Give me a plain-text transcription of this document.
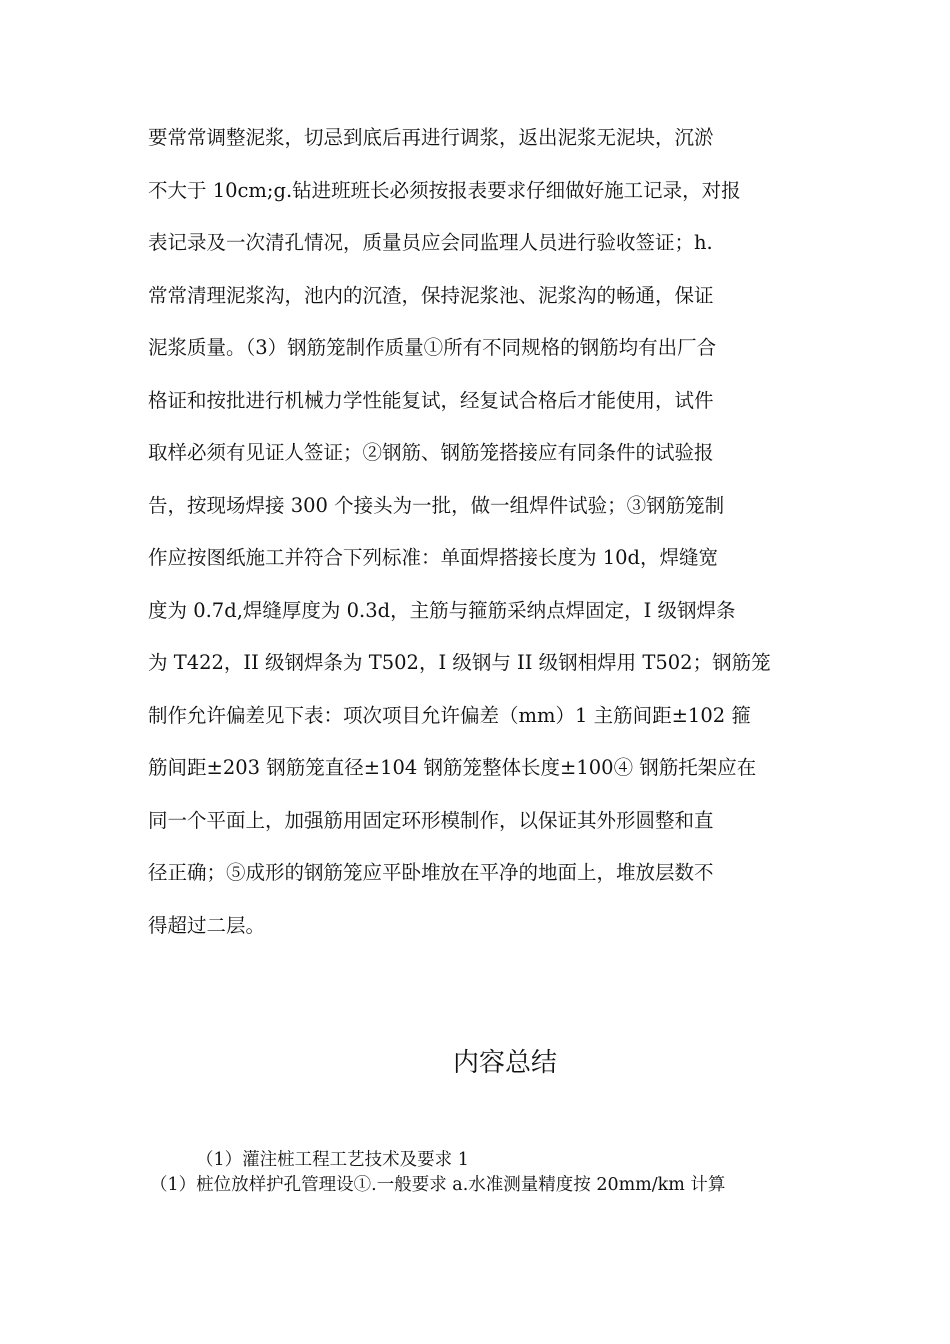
要常常调整泥浆，切忌到底后再进行调浆，返出泥浆无泥块，沉淤
不大于 10cm;g.钻进班班长必须按报表要求仔细做好施工记录，对报
表记录及一次清孔情况，质量员应会同监理人员进行验收签证；h.
常常清理泥浆沟，池内的沉渣，保持泥浆池、泥浆沟的畅通，保证
泥浆质量。（3）钢筋笼制作质量①所有不同规格的钢筋均有出厂合
格证和按批进行机械力学性能复试，经复试合格后才能使用，试件
取样必须有见证人签证；②钢筋、钢筋笼搭接应有同条件的试验报
告，按现场焊接 300 个接头为一批，做一组焊件试验；③钢筋笼制
作应按图纸施工并符合下列标准：单面焊搭接长度为 10d，焊缝宽
度为 0.7d,焊缝厚度为 0.3d，主筋与箍筋采纳点焊固定，I 级钢焊条
为 T422，II 级钢焊条为 T502，I 级钢与 II 级钢相焊用 T502；钢筋笼
制作允许偏差见下表：项次项目允许偏差（mm）1 主筋间距±102 箍
筋间距±203 钢筋笼直径±104 钢筋笼整体长度±100④ 钢筋托架应在
同一个平面上，加强筋用固定环形模制作，以保证其外形圆整和直
径正确；⑤成形的钢筋笼应平卧堆放在平净的地面上，堆放层数不
得超过二层。
内容总结
（1）灌注桩工程工艺技术及要求 1
（1）桩位放样护孔管理设①.一般要求 a.水准测量精度按 20mm/km 计算
